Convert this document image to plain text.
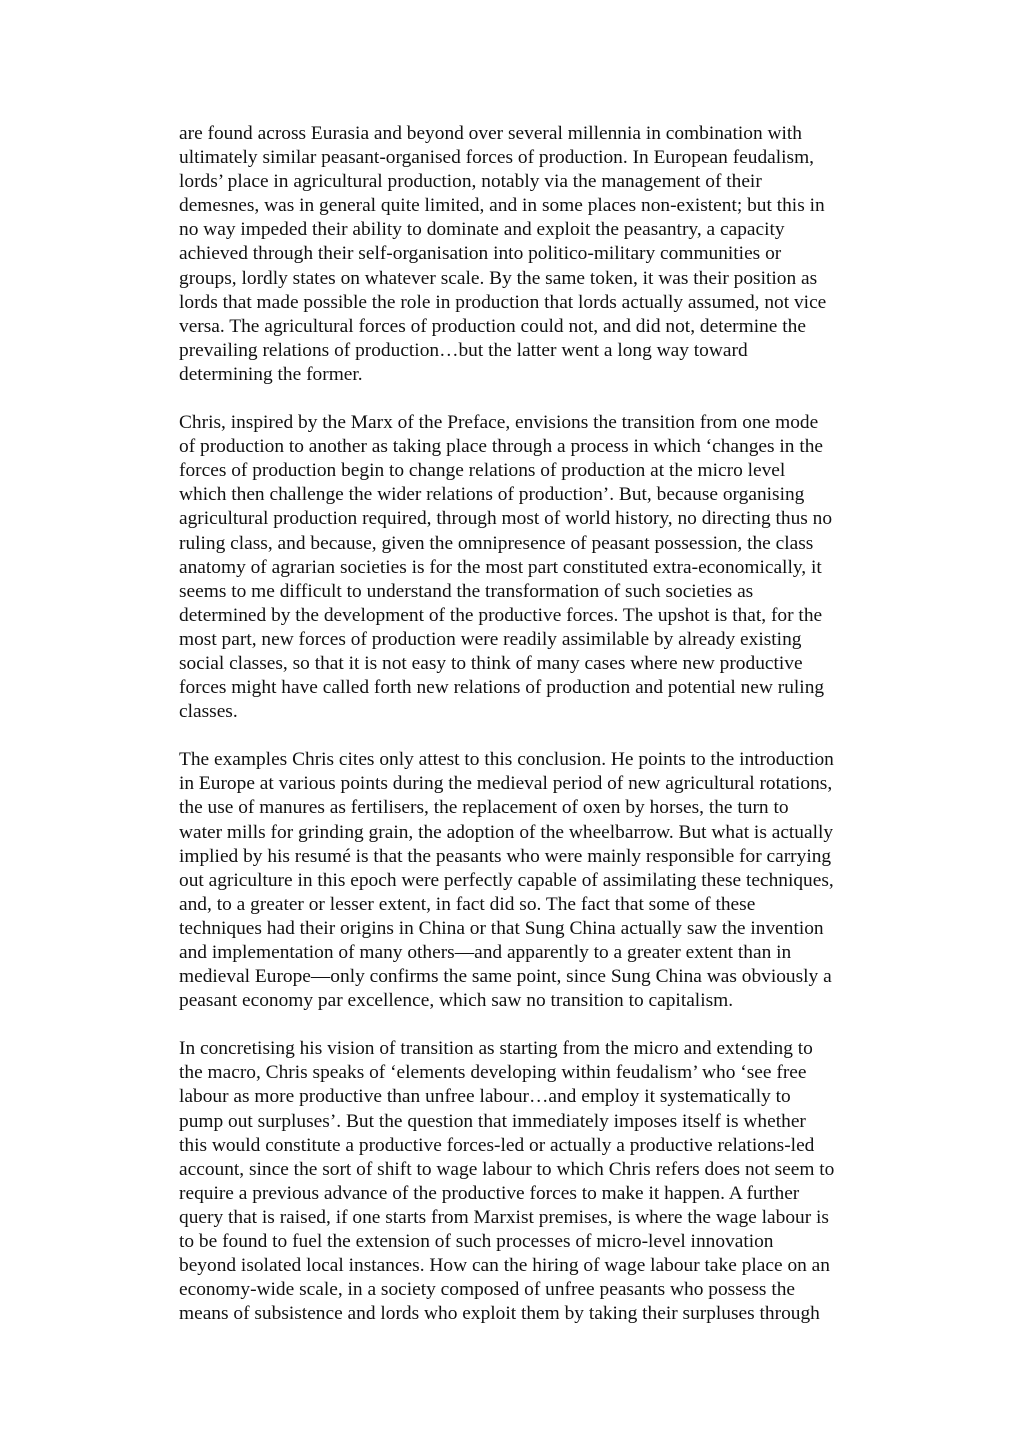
are found across Eurasia and beyond over several millennia in combination with
ultimately similar peasant-organised forces of production. In European feudalism,
lords’ place in agricultural production, notably via the management of their
demesnes, was in general quite limited, and in some places non-existent; but this in
no way impeded their ability to dominate and exploit the peasantry, a capacity
achieved through their self-organisation into politico-military communities or
groups, lordly states on whatever scale. By the same token, it was their position as
lords that made possible the role in production that lords actually assumed, not vice
versa. The agricultural forces of production could not, and did not, determine the
prevailing relations of production…but the latter went a long way toward
determining the former.

Chris, inspired by the Marx of the Preface, envisions the transition from one mode
of production to another as taking place through a process in which ‘changes in the
forces of production begin to change relations of production at the micro level
which then challenge the wider relations of production’. But, because organising
agricultural production required, through most of world history, no directing thus no
ruling class, and because, given the omnipresence of peasant possession, the class
anatomy of agrarian societies is for the most part constituted extra-economically, it
seems to me difficult to understand the transformation of such societies as
determined by the development of the productive forces. The upshot is that, for the
most part, new forces of production were readily assimilable by already existing
social classes, so that it is not easy to think of many cases where new productive
forces might have called forth new relations of production and potential new ruling
classes.

The examples Chris cites only attest to this conclusion. He points to the introduction
in Europe at various points during the medieval period of new agricultural rotations,
the use of manures as fertilisers, the replacement of oxen by horses, the turn to
water mills for grinding grain, the adoption of the wheelbarrow. But what is actually
implied by his resumé is that the peasants who were mainly responsible for carrying
out agriculture in this epoch were perfectly capable of assimilating these techniques,
and, to a greater or lesser extent, in fact did so. The fact that some of these
techniques had their origins in China or that Sung China actually saw the invention
and implementation of many others—and apparently to a greater extent than in
medieval Europe—only confirms the same point, since Sung China was obviously a
peasant economy par excellence, which saw no transition to capitalism.

In concretising his vision of transition as starting from the micro and extending to
the macro, Chris speaks of ‘elements developing within feudalism’ who ‘see free
labour as more productive than unfree labour…and employ it systematically to
pump out surpluses’. But the question that immediately imposes itself is whether
this would constitute a productive forces-led or actually a productive relations-led
account, since the sort of shift to wage labour to which Chris refers does not seem to
require a previous advance of the productive forces to make it happen. A further
query that is raised, if one starts from Marxist premises, is where the wage labour is
to be found to fuel the extension of such processes of micro-level innovation
beyond isolated local instances. How can the hiring of wage labour take place on an
economy-wide scale, in a society composed of unfree peasants who possess the
means of subsistence and lords who exploit them by taking their surpluses through
